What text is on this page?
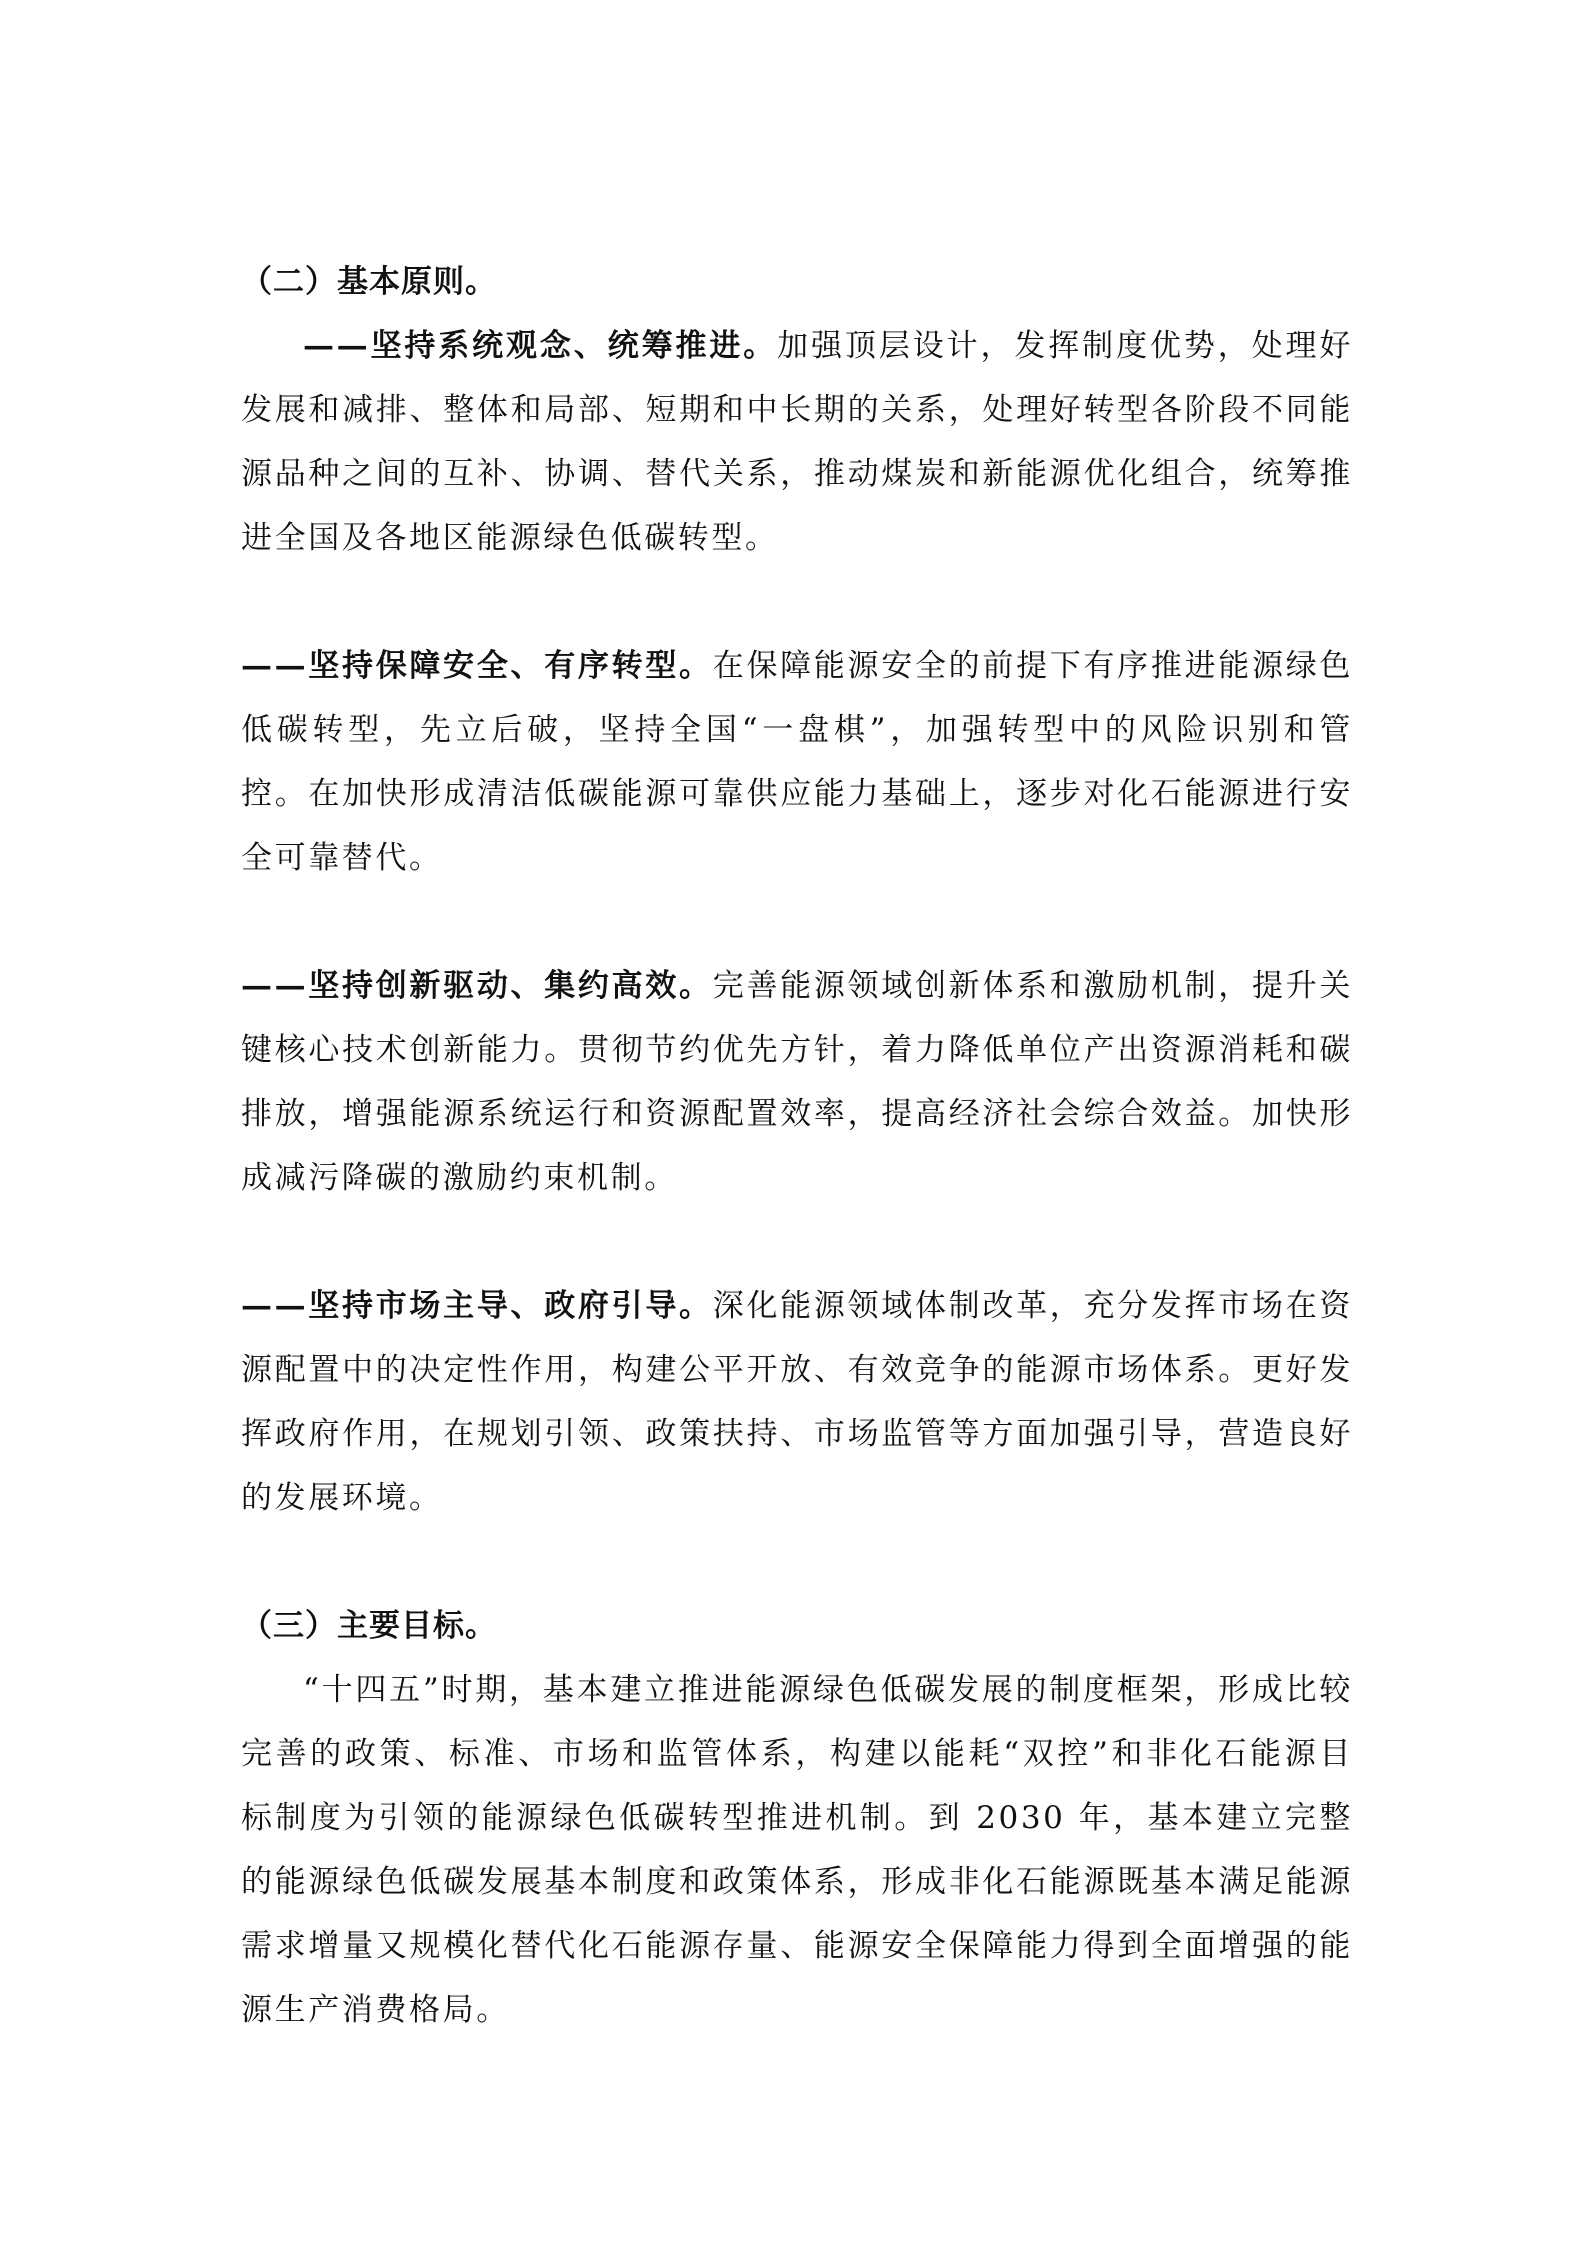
（二）基本原则。

——坚持系统观念、统筹推进。加强顶层设计，发挥制度优势，处理好发展和减排、整体和局部、短期和中长期的关系，处理好转型各阶段不同能源品种之间的互补、协调、替代关系，推动煤炭和新能源优化组合，统筹推进全国及各地区能源绿色低碳转型。

——坚持保障安全、有序转型。在保障能源安全的前提下有序推进能源绿色低碳转型，先立后破，坚持全国“一盘棋”，加强转型中的风险识别和管控。在加快形成清洁低碳能源可靠供应能力基础上，逐步对化石能源进行安全可靠替代。

——坚持创新驱动、集约高效。完善能源领域创新体系和激励机制，提升关键核心技术创新能力。贯彻节约优先方针，着力降低单位产出资源消耗和碳排放，增强能源系统运行和资源配置效率，提高经济社会综合效益。加快形成减污降碳的激励约束机制。

——坚持市场主导、政府引导。深化能源领域体制改革，充分发挥市场在资源配置中的决定性作用，构建公平开放、有效竞争的能源市场体系。更好发挥政府作用，在规划引领、政策扶持、市场监管等方面加强引导，营造良好的发展环境。

（三）主要目标。

“十四五”时期，基本建立推进能源绿色低碳发展的制度框架，形成比较完善的政策、标准、市场和监管体系，构建以能耗“双控”和非化石能源目标制度为引领的能源绿色低碳转型推进机制。到 2030 年，基本建立完整的能源绿色低碳发展基本制度和政策体系，形成非化石能源既基本满足能源需求增量又规模化替代化石能源存量、能源安全保障能力得到全面增强的能源生产消费格局。
